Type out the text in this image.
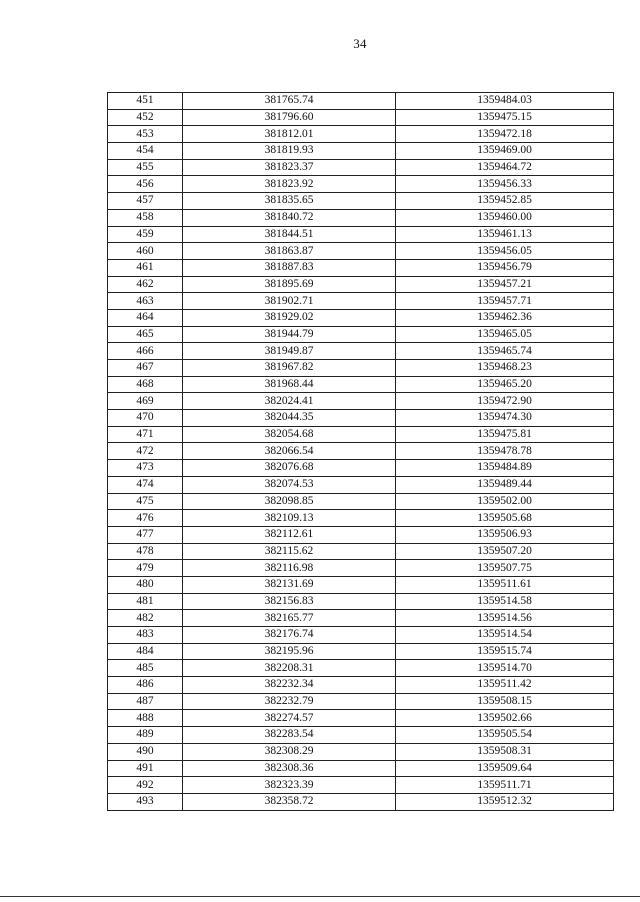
34
451	381765.74	1359484.03
452	381796.60	1359475.15
453	381812.01	1359472.18
454	381819.93	1359469.00
455	381823.37	1359464.72
456	381823.92	1359456.33
457	381835.65	1359452.85
458	381840.72	1359460.00
459	381844.51	1359461.13
460	381863.87	1359456.05
461	381887.83	1359456.79
462	381895.69	1359457.21
463	381902.71	1359457.71
464	381929.02	1359462.36
465	381944.79	1359465.05
466	381949.87	1359465.74
467	381967.82	1359468.23
468	381968.44	1359465.20
469	382024.41	1359472.90
470	382044.35	1359474.30
471	382054.68	1359475.81
472	382066.54	1359478.78
473	382076.68	1359484.89
474	382074.53	1359489.44
475	382098.85	1359502.00
476	382109.13	1359505.68
477	382112.61	1359506.93
478	382115.62	1359507.20
479	382116.98	1359507.75
480	382131.69	1359511.61
481	382156.83	1359514.58
482	382165.77	1359514.56
483	382176.74	1359514.54
484	382195.96	1359515.74
485	382208.31	1359514.70
486	382232.34	1359511.42
487	382232.79	1359508.15
488	382274.57	1359502.66
489	382283.54	1359505.54
490	382308.29	1359508.31
491	382308.36	1359509.64
492	382323.39	1359511.71
493	382358.72	1359512.32
